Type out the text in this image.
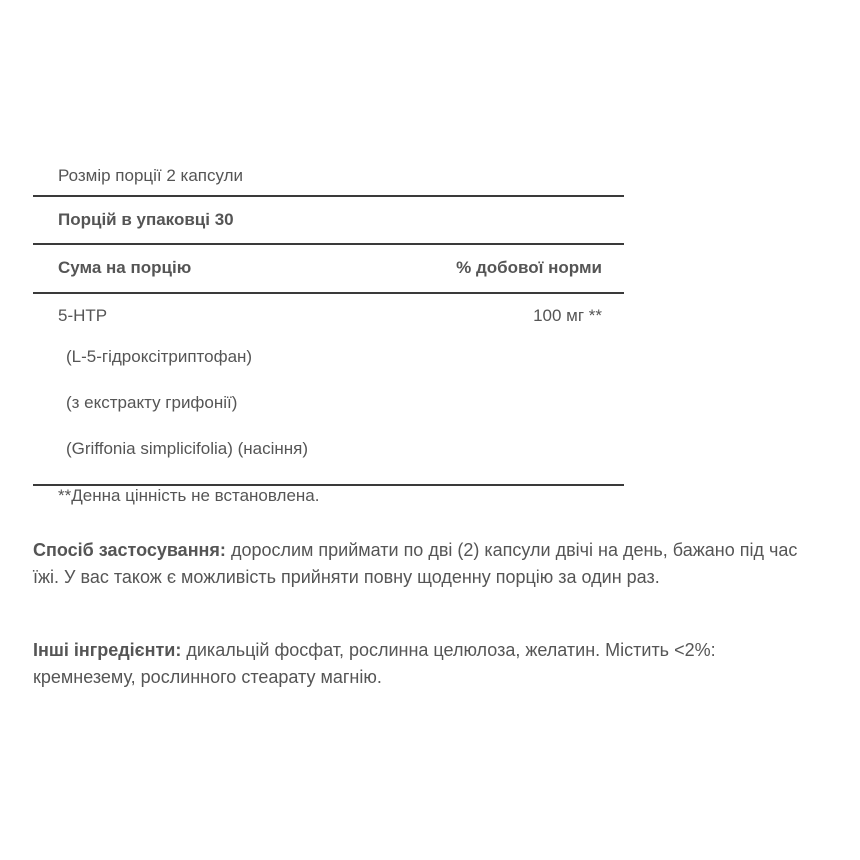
Розмір порції 2 капсули
Порцій в упаковці 30
Сума на порцію	% добової норми
5-HTP	100 мг **
(L-5-гідроксітриптофан)
(з екстракту грифонії)
(Griffonia simplicifolia) (насіння)
**Денна цінність не встановлена.

Спосіб застосування: дорослим приймати по дві (2) капсули двічі на день, бажано під час їжі. У вас також є можливість прийняти повну щоденну порцію за один раз.

Інші інгредієнти: дикальцій фосфат, рослинна целюлоза, желатин. Містить <2%: кремнезему, рослинного стеарату магнію.
